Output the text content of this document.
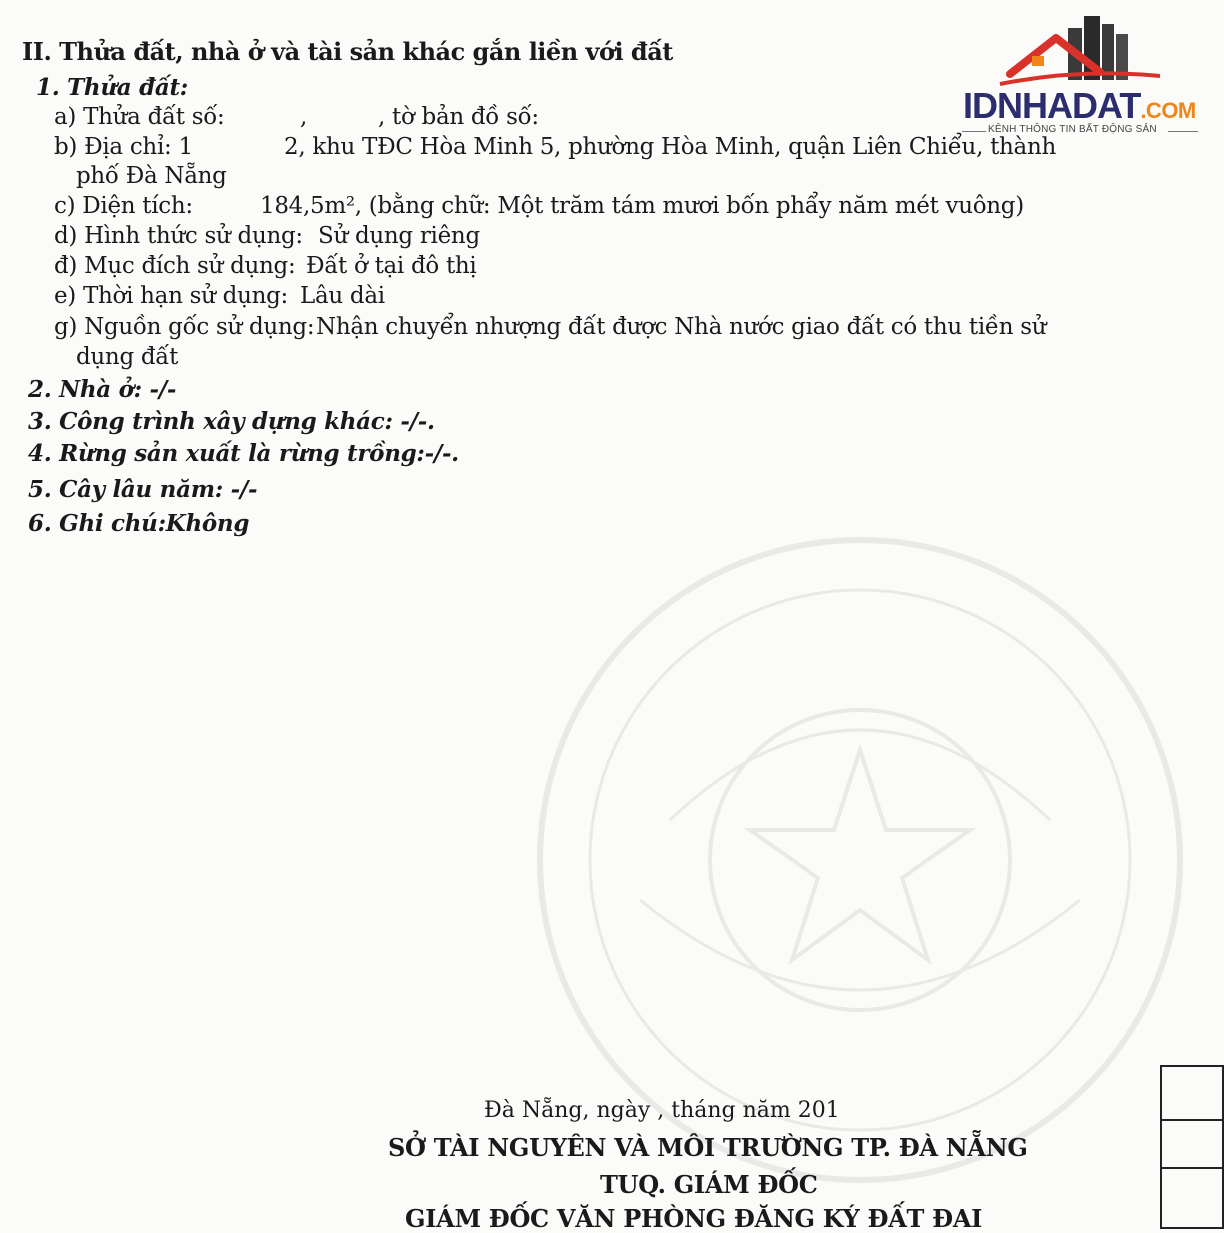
II. Thửa đất, nhà ở và tài sản khác gắn liền với đất
1. Thửa đất:
a) Thửa đất số:	,	, tờ bản đồ số:
b) Địa chỉ: 1	2, khu TĐC Hòa Minh 5, phường Hòa Minh, quận Liên Chiểu, thành
phố Đà Nẵng
c) Diện tích:	184,5m², (bằng chữ: Một trăm tám mươi bốn phẩy năm mét vuông)
d) Hình thức sử dụng: Sử dụng riêng
đ) Mục đích sử dụng: Đất ở tại đô thị
e) Thời hạn sử dụng: Lâu dài
g) Nguồn gốc sử dụng: Nhận chuyển nhượng đất được Nhà nước giao đất có thu tiền sử
dụng đất
2. Nhà ở: -/-
3. Công trình xây dựng khác: -/-.
4. Rừng sản xuất là rừng trồng:-/-.
5. Cây lâu năm: -/-
6. Ghi chú:Không
Đà Nẵng, ngày , tháng năm 201
SỞ TÀI NGUYÊN VÀ MÔI TRƯỜNG TP. ĐÀ NẴNG
TUQ. GIÁM ĐỐC
GIÁM ĐỐC VĂN PHÒNG ĐĂNG KÝ ĐẤT ĐAI
IDNHADAT.COM
KÊNH THÔNG TIN BẤT ĐỘNG SẢN
